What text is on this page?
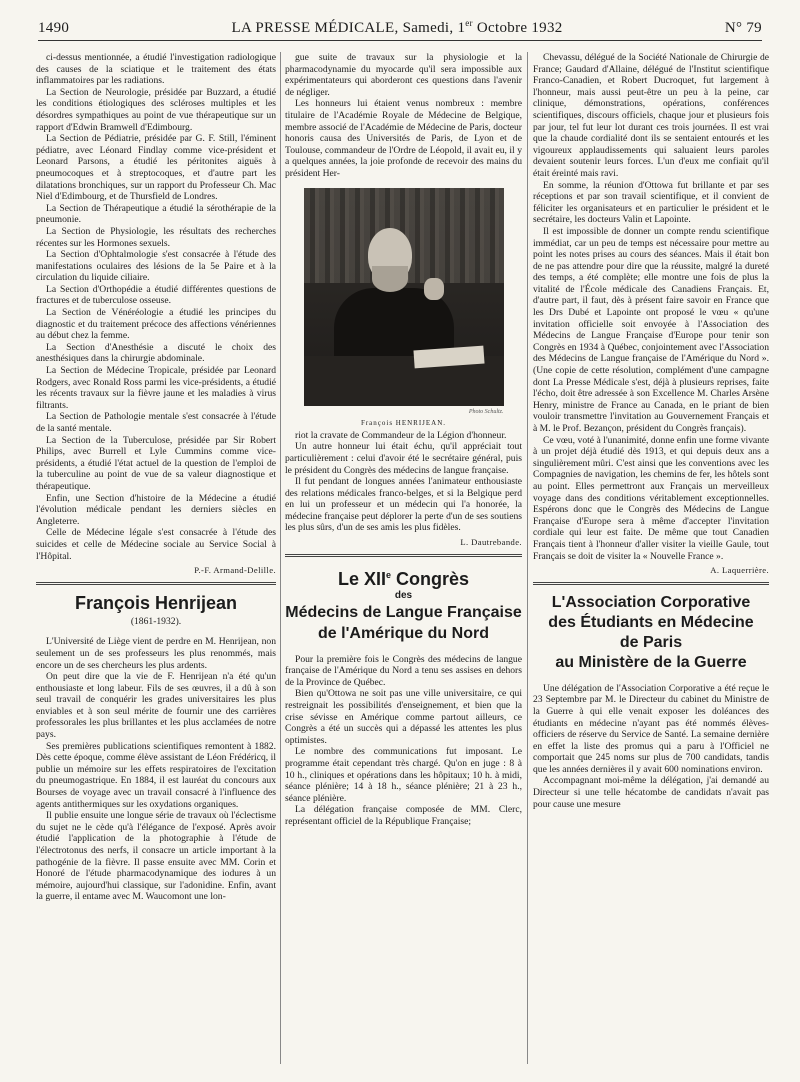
1490	LA PRESSE MÉDICALE, Samedi, 1er Octobre 1932	N° 79

ci-dessus mentionnée, a étudié l'investigation radiologique des causes de la sciatique et le traitement des états inflammatoires par les radiations.

La Section de Neurologie, présidée par Buzzard, a étudié les conditions étiologiques des scléroses multiples et les désordres sympathiques au point de vue thérapeutique sur un rapport d'Edwin Bramwell d'Edimbourg.

La Section de Pédiatrie, présidée par G. F. Still, l'éminent pédiatre, avec Léonard Findlay comme vice-président et Leonard Parsons, a étudié les péritonites aiguës à pneumocoques et à streptocoques, et d'autre part les dilatations bronchiques, sur un rapport du Professeur Ch. Mac Niel d'Edimbourg, et de Thursfield de Londres.

La Section de Thérapeutique a étudié la sérothérapie de la pneumonie.

La Section de Physiologie, les résultats des recherches récentes sur les Hormones sexuels.

La Section d'Ophtalmologie s'est consacrée à l'étude des manifestations oculaires des lésions de la 5e Paire et à la circulation du liquide ciliaire.

La Section d'Orthopédie a étudié différentes questions de fractures et de tuberculose osseuse.

La Section de Vénéréologie a étudié les principes du diagnostic et du traitement précoce des affections vénériennes au début chez la femme.

La Section d'Anesthésie a discuté le choix des anesthésiques dans la chirurgie abdominale.

La Section de Médecine Tropicale, présidée par Leonard Rodgers, avec Ronald Ross parmi les vice-présidents, a étudié les récents travaux sur la fièvre jaune et les maladies à virus filtrants.

La Section de Pathologie mentale s'est consacrée à l'étude de la santé mentale.

La Section de la Tuberculose, présidée par Sir Robert Philips, avec Burrell et Lyle Cummins comme vice-présidents, a étudié l'état actuel de la question de l'emploi de la tuberculine au point de vue de sa valeur diagnostique et thérapeutique.

Enfin, une Section d'histoire de la Médecine a étudié l'évolution médicale pendant les derniers siècles en Angleterre.

Celle de Médecine légale s'est consacrée à l'étude des suicides et celle de Médecine sociale au Service Social à l'Hôpital.

P.-F. Armand-Delille.

François Henrijean
(1861-1932).

L'Université de Liège vient de perdre en M. Henrijean, non seulement un de ses professeurs les plus renommés, mais encore un de ses chercheurs les plus ardents.

On peut dire que la vie de F. Henrijean n'a été qu'un enthousiaste et long labeur. Fils de ses œuvres, il a dû à son seul travail de conquérir les grades universitaires les plus enviables et à son seul mérite de fournir une des carrières professorales les plus brillantes et les plus acclamées de notre pays.

Ses premières publications scientifiques remontent à 1882. Dès cette époque, comme élève assistant de Léon Frédéricq, il publie un mémoire sur les effets respiratoires de l'excitation du pneumogastrique. En 1884, il est lauréat du concours aux Bourses de voyage avec un travail consacré à l'influence des agents antithermiques sur les oxydations organiques.

Il publie ensuite une longue série de travaux où l'éclectisme du sujet ne le cède qu'à l'élégance de l'exposé. Après avoir étudié l'application de la photographie à l'étude de l'électrotonus des nerfs, il consacre un article important à la pathogénie de la fièvre. Il passe ensuite avec MM. Corin et Honoré de l'étude pharmacodynamique des iodures à un mémoire, aujourd'hui classique, sur l'adonidine. Enfin, avant la guerre, il entame avec M. Waucomont une lon-

gue suite de travaux sur la physiologie et la pharmacodynamie du myocarde qu'il sera impossible aux expérimentateurs qui aborderont ces questions dans l'avenir de négliger.

Les honneurs lui étaient venus nombreux : membre titulaire de l'Académie Royale de Médecine de Belgique, membre associé de l'Académie de Médecine de Paris, docteur honoris causa des Universités de Paris, de Lyon et de Toulouse, commandeur de l'Ordre de Léopold, il avait eu, il y a quelques années, la joie profonde de recevoir des mains du président Her-

Photo Schultz.

François HENRIJEAN.

riot la cravate de Commandeur de la Légion d'honneur.

Un autre honneur lui était échu, qu'il appréciait tout particulièrement : celui d'avoir été le secrétaire général, puis le président du Congrès des médecins de langue française.

Il fut pendant de longues années l'animateur enthousiaste des relations médicales franco-belges, et si la Belgique perd en lui un professeur et un médecin qui l'a honorée, la médecine française peut déplorer la perte d'un de ses soutiens les plus sûrs, d'un de ses amis les plus fidèles.

L. Dautrebande.

Le XIIe Congrès
des
Médecins de Langue Française
de l'Amérique du Nord

Pour la première fois le Congrès des médecins de langue française de l'Amérique du Nord a tenu ses assises en dehors de la Province de Québec.

Bien qu'Ottowa ne soit pas une ville universitaire, ce qui restreignait les possibilités d'enseignement, et bien que la crise sévisse en Amérique comme partout ailleurs, ce Congrès a été un succès qui a dépassé les attentes les plus optimistes.

Le nombre des communications fut imposant. Le programme était cependant très chargé. Qu'on en juge : 8 à 10 h., cliniques et opérations dans les hôpitaux; 10 h. à midi, séance plénière; 14 à 18 h., séance plénière; 21 à 23 h., séance plénière.

La délégation française composée de MM. Clerc, représentant officiel de la République Française;

Chevassu, délégué de la Société Nationale de Chirurgie de France; Gaudard d'Allaine, délégué de l'Institut scientifique Franco-Canadien, et Robert Ducroquet, fut largement à l'honneur, mais aussi peut-être un peu à la peine, car clinique, démonstrations, opérations, conférences scientifiques, discours officiels, chaque jour et plusieurs fois par jour, tel fut leur lot durant ces trois journées. Il est vrai que la chaude cordialité dont ils se sentaient entourés et les vigoureux applaudissements qui saluaient leurs paroles devaient soutenir leurs forces. L'un d'eux me confiait qu'il était éreinté mais ravi.

En somme, la réunion d'Ottowa fut brillante et par ses réceptions et par son travail scientifique, et il convient de féliciter les organisateurs et en particulier le président et le secrétaire, les docteurs Valin et Lapointe.

Il est impossible de donner un compte rendu scientifique immédiat, car un peu de temps est nécessaire pour mettre au point les notes prises au cours des séances. Mais il était bon de ne pas attendre pour dire que la réussite, malgré la dureté des temps, a été complète; elle montre une fois de plus la vitalité de l'École médicale des Canadiens Français. Et, d'autre part, il faut, dès à présent faire savoir en France que les Drs Dubé et Lapointe ont proposé le vœu « qu'une invitation officielle soit envoyée à l'Association des Médecins de Langue Française d'Europe pour tenir son Congrès en 1934 à Québec, conjointement avec l'Association des Médecins de Langue française de l'Amérique du Nord ». (Une copie de cette résolution, complément d'une campagne dont La Presse Médicale s'est, déjà à plusieurs reprises, faite l'écho, doit être adressée à son Excellence M. Charles Arsène Henry, ministre de France au Canada, en le priant de bien vouloir transmettre l'invitation au Gouvernement Français et à M. le Prof. Bezançon, président du Congrès français).

Ce vœu, voté à l'unanimité, donne enfin une forme vivante à un projet déjà étudié dès 1913, et qui depuis deux ans a singulièrement mûri. C'est ainsi que les conventions avec les Compagnies de navigation, les chemins de fer, les hôtels sont au point. Elles permettront aux Français un merveilleux voyage dans des conditions véritablement exceptionnelles. Espérons donc que le Congrès des Médecins de Langue Française d'Europe sera à même d'accepter l'invitation cordiale qui leur est faite. De même que tout Canadien Français tient à l'honneur d'aller visiter la vieille Gaule, tout Français se doit de visiter la « Nouvelle France ».

A. Laquerrière.

L'Association Corporative
des Étudiants en Médecine
de Paris
au Ministère de la Guerre

Une délégation de l'Association Corporative a été reçue le 23 Septembre par M. le Directeur du cabinet du Ministre de la Guerre à qui elle venait exposer les doléances des étudiants en médecine n'ayant pas été nommés élèves-officiers de réserve du Service de Santé. La semaine dernière en effet la liste des promus qui a paru à l'Officiel ne comportait que 245 noms sur plus de 700 candidats, tandis que les années dernières il y avait 600 nominations environ.

Accompagnant moi-même la délégation, j'ai demandé au Directeur si une telle hécatombe de candidats n'avait pas pour cause une mesure
